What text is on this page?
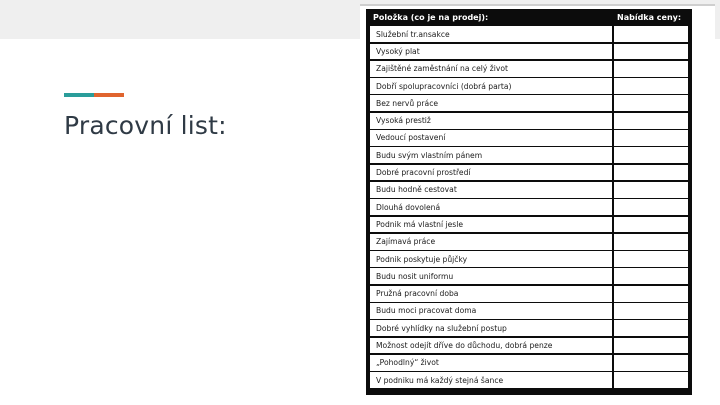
Pracovní list:
Položka (co je na prodej):	Nabídka ceny:
Služební tr.ansakce
Vysoký plat
Zajištěné zaměstnání na celý život
Dobří spolupracovníci (dobrá parta)
Bez nervů práce
Vysoká prestiž
Vedoucí postavení
Budu svým vlastním pánem
Dobré pracovní prostředí
Budu hodně cestovat
Dlouhá dovolená
Podnik má vlastní jesle
Zajímavá práce
Podnik poskytuje půjčky
Budu nosit uniformu
Pružná pracovní doba
Budu moci pracovat doma
Dobré vyhlídky na služební postup
Možnost odejít dříve do důchodu, dobrá penze
„Pohodlný“ život
V podniku má každý stejná šance
